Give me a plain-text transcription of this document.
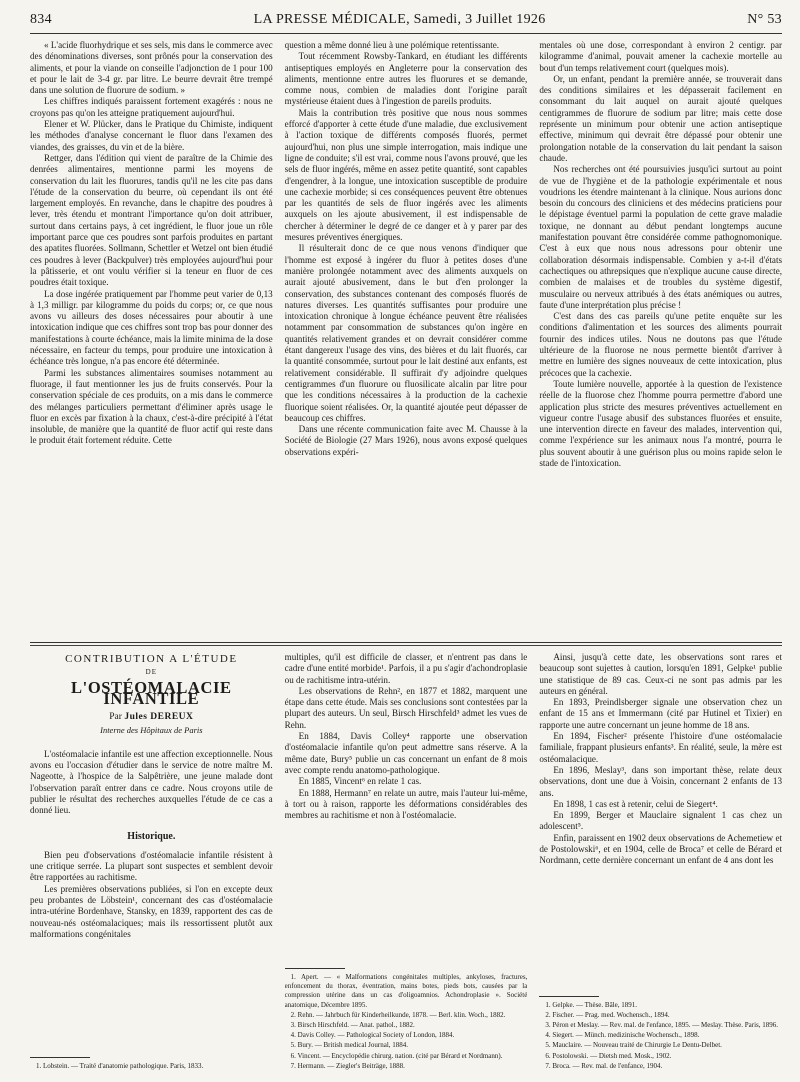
834	LA PRESSE MÉDICALE, Samedi, 3 Juillet 1926	N° 53

« L'acide fluorhydrique et ses sels, mis dans le commerce avec des dénominations diverses, sont prônés pour la conservation des aliments, et pour la viande on conseille l'adjonction de 1 pour 100 et pour le lait de 3-4 gr. par litre. Le beurre devrait être trempé dans une solution de fluorure de sodium. »

Les chiffres indiqués paraissent fortement exagérés : nous ne croyons pas qu'on les atteigne pratiquement aujourd'hui.

Elener et W. Plücker, dans le Pratique du Chimiste, indiquent les méthodes d'analyse concernant le fluor dans l'examen des viandes, des graisses, du vin et de la bière.

Rettger, dans l'édition qui vient de paraître de la Chimie des denrées alimentaires, mentionne parmi les moyens de conservation du lait les fluorures, tandis qu'il ne les cite pas dans l'étude de la conservation du beurre, où cependant ils ont été largement employés. En revanche, dans le chapitre des poudres à lever, très étendu et montrant l'importance qu'on doit attribuer, surtout dans certains pays, à cet ingrédient, le fluor joue un rôle important parce que ces poudres sont parfois produites en partant des apatites fluorées. Sollmann, Schettler et Wetzel ont bien étudié ces poudres à lever (Backpulver) très employées aujourd'hui pour la pâtisserie, et ont voulu vérifier si la teneur en fluor de ces poudres était toxique.

La dose ingérée pratiquement par l'homme peut varier de 0,13 à 1,3 milligr. par kilogramme du poids du corps; or, ce que nous avons vu ailleurs des doses nécessaires pour aboutir à une intoxication indique que ces chiffres sont trop bas pour donner des manifestations à courte échéance, mais la limite minima de la dose nécessaire, en facteur du temps, pour produire une intoxication à échéance très longue, n'a pas encore été déterminée.

Parmi les substances alimentaires soumises notamment au fluorage, il faut mentionner les jus de fruits conservés. Pour la conservation spéciale de ces produits, on a mis dans le commerce des mélanges particuliers permettant d'éliminer après usage le fluor en excès par fixation à la chaux, c'est-à-dire précipité à l'état insoluble, de manière que la quantité de fluor actif qui reste dans le produit était fortement réduite. Cette

question a même donné lieu à une polémique retentissante.

Tout récemment Rowsby-Tankard, en étudiant les différents antiseptiques employés en Angleterre pour la conservation des aliments, mentionne entre autres les fluorures et se demande, comme nous, combien de maladies dont l'origine paraît mystérieuse étaient dues à l'ingestion de pareils produits.

Mais la contribution très positive que nous nous sommes efforcé d'apporter à cette étude d'une maladie, due exclusivement à l'action toxique de différents composés fluorés, permet aujourd'hui, non plus une simple interrogation, mais indique une ligne de conduite; s'il est vrai, comme nous l'avons prouvé, que les sels de fluor ingérés, même en assez petite quantité, sont capables d'engendrer, à la longue, une intoxication susceptible de produire une cachexie morbide; si ces conséquences peuvent être obtenues par les quantités de sels de fluor ingérés avec les aliments auxquels on les ajoute abusivement, il est indispensable de chercher à déterminer le degré de ce danger et à y parer par des mesures préventives énergiques.

Il résulterait donc de ce que nous venons d'indiquer que l'homme est exposé à ingérer du fluor à petites doses d'une manière prolongée notamment avec des aliments auxquels on aurait ajouté abusivement, dans le but d'en prolonger la conservation, des substances contenant des composés fluorés de natures diverses. Les quantités suffisantes pour produire une intoxication chronique à longue échéance peuvent être réalisées notamment par consommation de substances qu'on ingère en quantités relativement grandes et on devrait considérer comme étant dangereux l'usage des vins, des bières et du lait fluorés, car la quantité consommée, surtout pour le lait destiné aux enfants, est relativement considérable. Il suffirait d'y adjoindre quelques centigrammes d'un fluorure ou fluosilicate alcalin par litre pour que les conditions nécessaires à la production de la cachexie fluorique soient réalisées. Or, la quantité ajoutée peut dépasser de beaucoup ces chiffres.

Dans une récente communication faite avec M. Chausse à la Société de Biologie (27 Mars 1926), nous avons exposé quelques observations expéri-

mentales où une dose, correspondant à environ 2 centigr. par kilogramme d'animal, pouvait amener la cachexie mortelle au bout d'un temps relativement court (quelques mois).

Or, un enfant, pendant la première année, se trouverait dans des conditions similaires et les dépasserait facilement en consommant du lait auquel on aurait ajouté quelques centigrammes de fluorure de sodium par litre; mais cette dose représente un minimum pour obtenir une action antiseptique effective, minimum qui devrait être dépassé pour obtenir une prolongation notable de la conservation du lait pendant la saison chaude.

Nos recherches ont été poursuivies jusqu'ici surtout au point de vue de l'hygiène et de la pathologie expérimentale et nous voudrions les étendre maintenant à la clinique. Nous aurions donc besoin du concours des cliniciens et des médecins praticiens pour le dépistage éventuel parmi la population de cette grave maladie toxique, ne donnant au début pendant longtemps aucune manifestation pouvant être considérée comme pathognomonique. C'est à eux que nous nous adressons pour obtenir une collaboration désormais indispensable. Combien y a-t-il d'états cachectiques ou athrepsiques que n'explique aucune cause directe, combien de malaises et de troubles du système digestif, musculaire ou nerveux attribués à des états anémiques ou autres, faute d'une interprétation plus précise !

C'est dans des cas pareils qu'une petite enquête sur les conditions d'alimentation et les sources des aliments pourrait fournir des indices utiles. Nous ne doutons pas que l'étude ultérieure de la fluorose ne nous permette bientôt d'arriver à mettre en lumière des signes nouveaux de cette intoxication, plus précoces que la cachexie.

Toute lumière nouvelle, apportée à la question de l'existence réelle de la fluorose chez l'homme pourra permettre d'abord une application plus stricte des mesures préventives actuellement en vigueur contre l'usage abusif des substances fluorées et ensuite, une intervention directe en faveur des malades, intervention qui, comme l'expérience sur les animaux nous l'a montré, pourra le plus souvent aboutir à une guérison plus ou moins rapide selon le stade de l'intoxication.

CONTRIBUTION A L'ÉTUDE
DE
L'OSTÉOMALACIE INFANTILE
Par Jules DEREUX
Interne des Hôpitaux de Paris

L'ostéomalacie infantile est une affection exceptionnelle. Nous avons eu l'occasion d'étudier dans le service de notre maître M. Nageotte, à l'hospice de la Salpêtrière, une jeune malade dont l'observation paraît entrer dans ce cadre. Nous croyons utile de publier le résultat des recherches auxquelles l'étude de ce cas a donné lieu.

Historique.

Bien peu d'observations d'ostéomalacie infantile résistent à une critique serrée. La plupart sont suspectes et semblent devoir être rapportées au rachitisme.

Les premières observations publiées, si l'on en excepte deux peu probantes de Löbstein¹, concernant des cas d'ostéomalacie intra-utérine Bordenhave, Stansky, en 1839, rapportent des cas de nouveau-nés ostéomalaciques; mais ils ressortissent plutôt aux malformations congénitales

1. Lobstein. — Traité d'anatomie pathologique. Paris, 1833.

multiples, qu'il est difficile de classer, et n'entrent pas dans le cadre d'une entité morbide¹. Parfois, il a pu s'agir d'achondroplasie ou de rachitisme intra-utérin.

Les observations de Rehn², en 1877 et 1882, marquent une étape dans cette étude. Mais ses conclusions sont contestées par la plupart des auteurs. Un seul, Birsch Hirschfeld³ admet les vues de Rehn.

En 1884, Davis Colley⁴ rapporte une observation d'ostéomalacie infantile qu'on peut admettre sans réserve. A la même date, Bury⁵ publie un cas concernant un enfant de 8 mois avec compte rendu anatomo-pathologique.

En 1885, Vincent⁶ en relate 1 cas.

En 1888, Hermann⁷ en relate un autre, mais l'auteur lui-même, à tort ou à raison, rapporte les déformations considérables des membres au rachitisme et non à l'ostéomalacie.

1. Apert. — « Malformations congénitales multiples, ankyloses, fractures, enfoncement du thorax, éventration, mains botes, pieds bots, causées par la compression utérine dans un cas d'oligoamnios. Achondroplasie ». Société anatomique, Décembre 1895.
2. Rehn. — Jahrbuch für Kinderheilkunde, 1878. — Berl. klin. Woch., 1882.
3. Birsch Hirschfeld. — Anat. pathol., 1882.
4. Davis Colley. — Pathological Society of London, 1884.
5. Bury. — British medical Journal, 1884.
6. Vincent. — Encyclopédie chirurg. nation. (cité par Bérard et Nordmann).
7. Hermann. — Ziegler's Beiträge, 1888.

Ainsi, jusqu'à cette date, les observations sont rares et beaucoup sont sujettes à caution, lorsqu'en 1891, Gelpke¹ publie une statistique de 89 cas. Ceux-ci ne sont pas admis par les auteurs en général.

En 1893, Preindlsberger signale une observation chez un enfant de 15 ans et Immermann (cité par Hutinel et Tixier) en rapporte une autre concernant un jeune homme de 18 ans.

En 1894, Fischer² présente l'histoire d'une ostéomalacie familiale, frappant plusieurs enfants³. En réalité, seule, la mère est ostéomalacique.

En 1896, Meslay³, dans son important thèse, relate deux observations, dont une due à Voisin, concernant 2 enfants de 13 ans.

En 1898, 1 cas est à retenir, celui de Siegert⁴.

En 1899, Berger et Mauclaire signalent 1 cas chez un adolescent⁵.

Enfin, paraissent en 1902 deux observations de Achemetiew et de Postolowski⁶, et en 1904, celle de Broca⁷ et celle de Bérard et Nordmann, cette dernière concernant un enfant de 4 ans dont les

1. Gelpke. — Thèse. Bâle, 1891.
2. Fischer. — Prag. med. Wochensch., 1894.
3. Péron et Meslay. — Rev. mal. de l'enfance, 1895. — Meslay. Thèse. Paris, 1896.
4. Siegert. — Münch. medizinische Wochensch., 1898.
5. Mauclaire. — Nouveau traité de Chirurgie Le Dentu-Delbet.
6. Postolowski. — Dietsh med. Mosk., 1902.
7. Broca. — Rev. mal. de l'enfance, 1904.
